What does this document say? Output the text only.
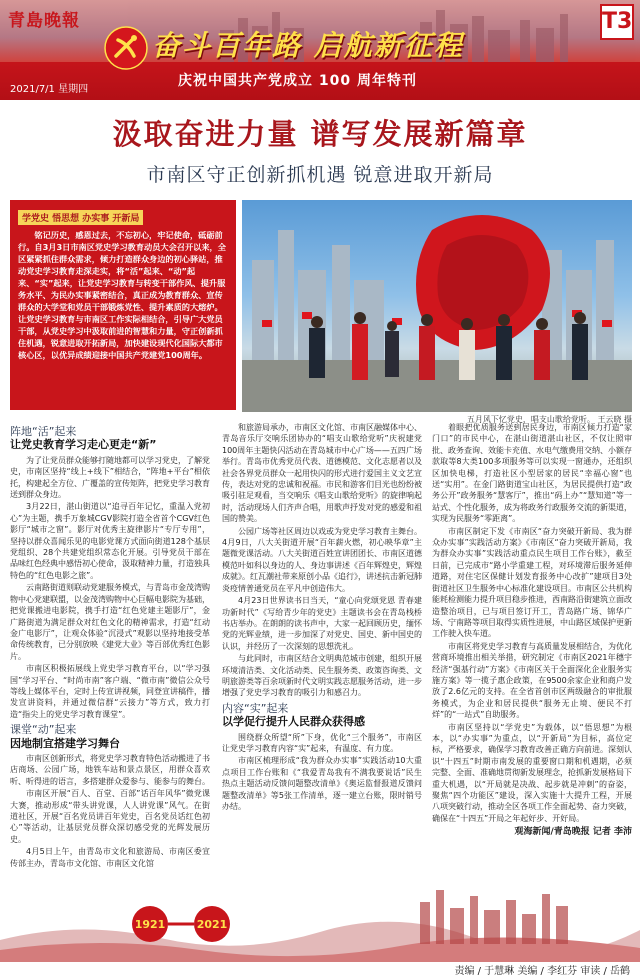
青島晚報	T3
奋斗百年路 启航新征程
庆祝中国共产党成立 100 周年特刊
2021/7/1 星期四
汲取奋进力量 谱写发展新篇章
市南区守正创新抓机遇 锐意进取开新局
学党史 悟思想 办实事 开新局

铭记历史，感恩过去，不忘初心，牢记使命，砥砺前行。自3月3日市南区党史学习教育动员大会召开以来，全区紧紧抓住群众需求，倾力打造群众身边的初心驿站，推动党史学习教育走深走实，将“活”起来、“动”起来、“实”起来，让党史学习教育与转变干部作风、提升服务水平、为民办实事紧密结合，真正成为教育群众、宣传群众的大学堂和党员干部锻炼党性、提升素质的大熔炉。让党史学习教育与市南区工作实际相结合，引导广大党员干部，从党史学习中汲取前进的智慧和力量，守正创新抓住机遇，锐意进取开拓新局，加快建设现代化国际大都市核心区，以优异成绩迎接中国共产党建党100周年。

五月风下忆党史，唱支山歌给党听。 王云晓 摄
阵地“活”起来
让党史教育学习走心更走“新”

为了让党员群众能够打随地都可以学习党史，了解党史，市南区坚持“线上+线下”相结合，“阵地+平台”相依托，构建起全方位、广覆盖的宣传矩阵，把党史学习教育送到群众身边。

3月22日，湛山街道以“追寻百年记忆，重温入党初心”为主题，携手万象城CGV影院打造全省首个CGV红色影厅“城市之窗”。影厅对优秀主旋律影片“专厅专用”，坚持以群众喜闻乐见的电影党课方式面向街道128个基层党组织、28个共建党组织常态化开展。引导党员干部在品味红色经典中感悟初心使命，汲取精神力量，打造独具特色的“红色电影之旅”。

云南路街道则联动党建服务模式，与青岛市金茂湾购物中心党建联盟，以金茂湾购物中心巨幅电影院为基础，把党课搬进电影院，携手打造“红色党建主题影厅”，金广路街道为满足群众对红色文化的精神需求，打造“红动金广电影厅”，让观众体验“沉浸式”观影以坚持地接受革命传统教育，已分别放映《建党大业》等百部优秀红色影片。

市南区积极拓展线上党史学习教育平台，以“学习强国”学习平台、“时尚市南”客户端、“微市南”微信公众号等线上媒体平台，定时上传宣讲视频，同登宣讲稿件，播发宣讲资料，并通过微信群“云接力”等方式，致力打造“指尖上的党史学习教育课堂”。

课堂“动”起来
因地制宜搭建学习舞台

市南区创新形式，将党史学习教育特色活动搬进了书店商场、公园广场，地铁车站和景点景区，用群众喜欢听、听得进的语言，多搭建群众爱参与、能参与的舞台。

市南区开展“百人、百堂、百部”话百年风华”微党课大赛，推动形成“带头讲党课，人人讲党课”风气。在街道社区，开展“百名党员讲百年党史，百名党员话红色初心”等活动，让基层党员群众深切感受党的光辉发展历史。

4月5日上午，由青岛市文化和旅游局、市南区委宣传部主办，青岛市文化馆、市南区文化馆

和旅游局承办，市南区文化馆、市南区融媒体中心、青岛音乐厅交响乐团协办的“唱支山歌给党听”庆祝建党100周年主题快闪活动在青岛城市中心广场——五四广场举行。青岛市优秀党员代表、道德模范、文化志愿者以及社会各界党员群众一起用快闪的形式进行爱国主义文艺宣传，表达对党的忠诚和祝福。市民和游客们目光也纷纷被吸引驻足观看，当交响乐《唱支山歌给党听》的旋律响起时，活动现场人们齐声合唱，用歌声抒发对党的感爱和祖国的赞美。

公园广场等社区周边以戏或为党史学习教育主舞台。4月9日，八大关街道开展“百年薪火燃，初心映华章”主题微党课活动。八大关街道百姓宣讲团团长、市南区道德模范叶如科以身边的人、身边事讲述《百年辉煌史，辉煌成就》。红瓦潮社带来原创小品《追行》，讲述抗击新冠肺炎疫情普通党员在平凡中创造伟大。

4月23日世界读书日当天，“童心向党颂党恩 青春建功新时代”《写给青少年的党史》主题读书会在青岛栈桥书店举办。在朗朗的读书声中，大家一起回顾历史，缅怀党的光辉业绩，进一步加深了对党史、国史、新中国史的认识，并经历了一次深刻的思想洗礼。

与此同时，市南区结合文明典范城市创建，组织开展环境清洁类、文化活动类、民生服务类、政策咨询类、文明旅游类等百余项新时代文明实践志愿服务活动，进一步增强了党史学习教育的吸引力和感召力。

内容“实”起来
以学促行提升人民群众获得感

围绕群众所望“所”下身，优化“三个服务”，市南区让党史学习教育内容“实”起来，有温度、有力度。

市南区梳理形成“我为群众办实事”实践活动10大重点项目工作台账和《“我爱青岛我有不满我要说话”民生热点主题活动反馈问题整改清单》《奥运监督报道反馈问题整改清单》等5张工作清单，逐一建立台账，限时销号办结。

着眼把优质服务送到居民身边，市南区倾力打造“家门口”的市民中心，在湛山街道湛山社区，不仅让照审批、政务查询、效能卡充值、水电气缴费用交纳、小额存款取等8大类100多项服务等可以实现一窗通办，还组织区加快电梯，打造社区小型居家的居民“幸福心窗”也送“实用”。在金门路街道宝山社区，为居民提供打造“政务公开”政务服务“慧客厅”，推出“码上办”“慧知道”等一站式、个性化服务，成为将政务行政服务交流的新渠道，实现为民服务“零距离”。

市南区制定下发《市南区“奋力突破开新局、我为群众办实事”实践活动方案》《市南区“奋力突破开新局，我为群众办实事”实践活动重点民生项目工作台账》，截至日前，已完成市“路小学重建工程，对环境滞后服务延伸道路，对住宅区保健计划发育报务中心改扩”建项目3处街道社区卫生服务中心标准化建设项目。市南区公共机构能耗检测能力提升项目稳步推进，西南路沿街建筑立面改造整治项目，已与项目签订开工，青岛路广场、锦华广场、宁南路等项目取得实质性进展，中山路区域保护更新工作驶入快车道。

市南区将党史学习教育与高质量发展相结合，为优化营商环境推出相关举措，研究制定《市南区2021年穗宇经济“强基行动”方案》《市南区关于全面深化企业服务实施方案》等一揽子惠企政策，在9500余家企业和商户发放了2.6亿元的支持。在全省首创市区两级融合的审批服务模式，为企业和居民提供“服务无止境、便民不打烊”的“一站式”自助服务。

市南区坚持以“学党史”为载体，以“悟思想”为根本，以“办实事”为重点，以“开新局”为目标，高位定标，严格要求，确保学习教育改善正确方向前进。深刻认识“十四五”时期市南发展的重要窗口期和机遇期，必须完整、全面、准确地贯彻新发展理念，抢抓新发展格局下重大机遇，以“开局就是决战、起步就是冲刺”的奋姿，聚焦“四个功能区”建设，深入实施十大提升工程，开展八项突破行动，推动全区各项工作全面起势、奋力突破，确保在“十四五”开局之年起好步、开好局。

观海新闻/青岛晚报 记者 李沛
1921	2021
责编 / 于慧琳 美编 / 李红芬 审读 / 岳鹤
